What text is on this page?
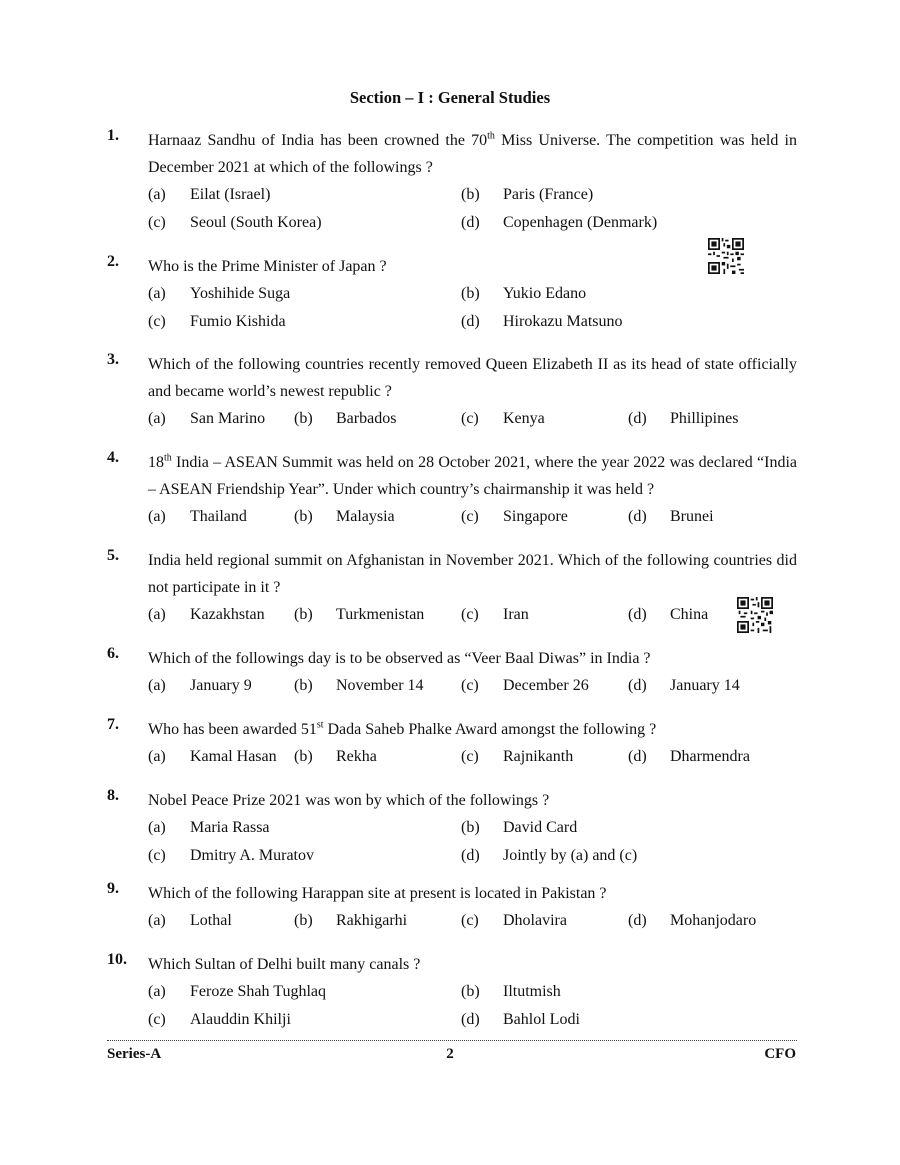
Section – I : General Studies
1. Harnaaz Sandhu of India has been crowned the 70th Miss Universe. The competition was held in December 2021 at which of the followings ?
(a) Eilat (Israel)	(b) Paris (France)
(c) Seoul (South Korea)	(d) Copenhagen (Denmark)
2. Who is the Prime Minister of Japan ?
(a) Yoshihide Suga	(b) Yukio Edano
(c) Fumio Kishida	(d) Hirokazu Matsuno
3. Which of the following countries recently removed Queen Elizabeth II as its head of state officially and became world’s newest republic ?
(a) San Marino (b) Barbados	(c) Kenya	(d) Phillipines
4. 18th India – ASEAN Summit was held on 28 October 2021, where the year 2022 was declared “India – ASEAN Friendship Year”. Under which country’s chairmanship it was held ?
(a) Thailand	(b) Malaysia	(c) Singapore	(d) Brunei
5. India held regional summit on Afghanistan in November 2021. Which of the following countries did not participate in it ?
(a) Kazakhstan (b) Turkmenistan (c) Iran	(d) China
6. Which of the followings day is to be observed as “Veer Baal Diwas” in India ?
(a) January 9	(b) November 14 (c) December 26 (d) January 14
7. Who has been awarded 51st Dada Saheb Phalke Award amongst the following ?
(a) Kamal Hasan (b) Rekha	(c) Rajnikanth	(d) Dharmendra
8. Nobel Peace Prize 2021 was won by which of the followings ?
(a) Maria Rassa	(b) David Card
(c) Dmitry A. Muratov	(d) Jointly by (a) and (c)
9. Which of the following Harappan site at present is located in Pakistan ?
(a) Lothal	(b) Rakhigarhi	(c) Dholavira	(d) Mohanjodaro
10. Which Sultan of Delhi built many canals ?
(a) Feroze Shah Tughlaq	(b) Iltutmish
(c) Alauddin Khilji	(d) Bahlol Lodi
Series-A	2	CFO
